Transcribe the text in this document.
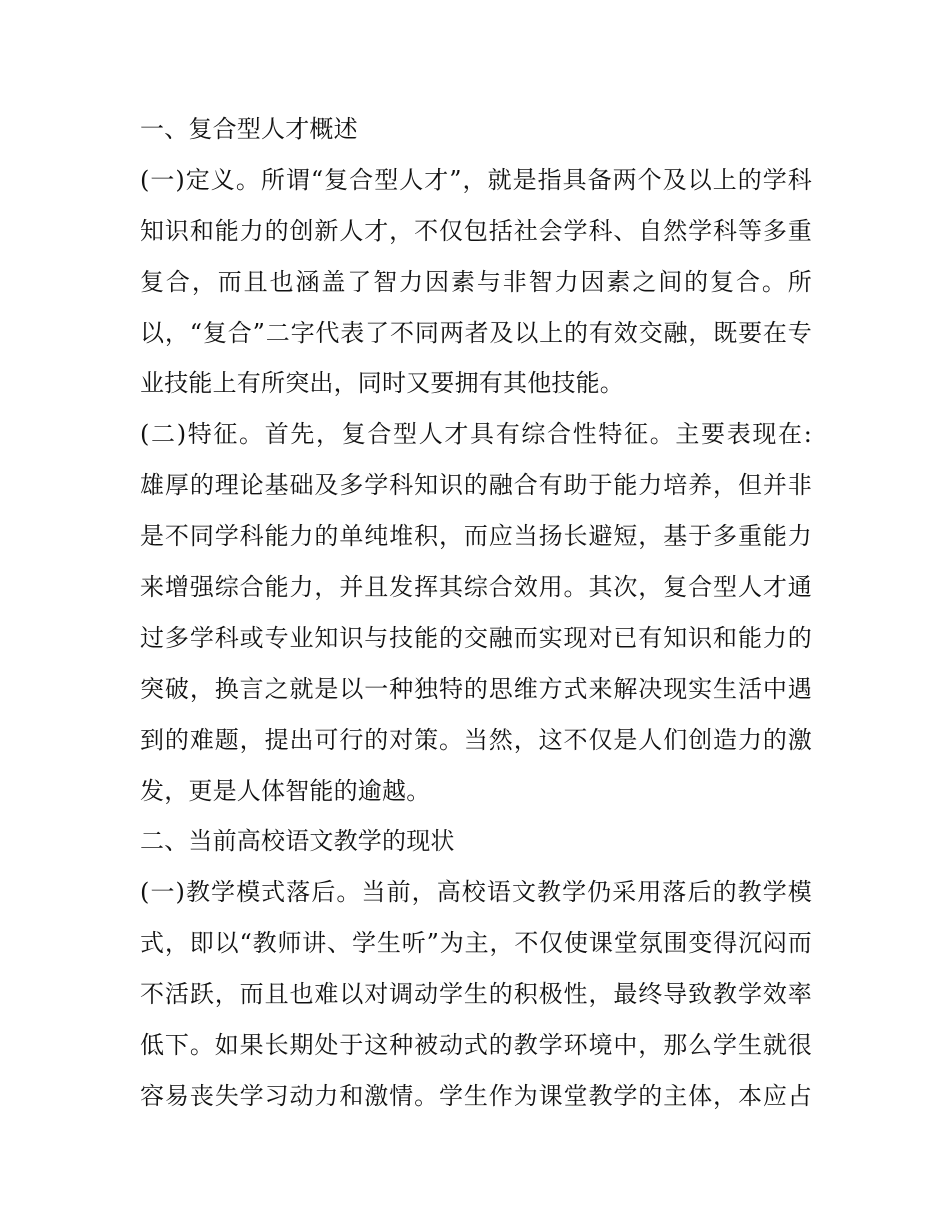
一、复合型人才概述
(一)定义。所谓“复合型人才”，就是指具备两个及以上的学科
知识和能力的创新人才，不仅包括社会学科、自然学科等多重
复合，而且也涵盖了智力因素与非智力因素之间的复合。所
以，“复合”二字代表了不同两者及以上的有效交融，既要在专
业技能上有所突出，同时又要拥有其他技能。
(二)特征。首先，复合型人才具有综合性特征。主要表现在:
雄厚的理论基础及多学科知识的融合有助于能力培养，但并非
是不同学科能力的单纯堆积，而应当扬长避短，基于多重能力
来增强综合能力，并且发挥其综合效用。其次，复合型人才通
过多学科或专业知识与技能的交融而实现对已有知识和能力的
突破，换言之就是以一种独特的思维方式来解决现实生活中遇
到的难题，提出可行的对策。当然，这不仅是人们创造力的激
发，更是人体智能的逾越。
二、当前高校语文教学的现状
(一)教学模式落后。当前，高校语文教学仍采用落后的教学模
式，即以“教师讲、学生听”为主，不仅使课堂氛围变得沉闷而
不活跃，而且也难以对调动学生的积极性，最终导致教学效率
低下。如果长期处于这种被动式的教学环境中，那么学生就很
容易丧失学习动力和激情。学生作为课堂教学的主体，本应占
